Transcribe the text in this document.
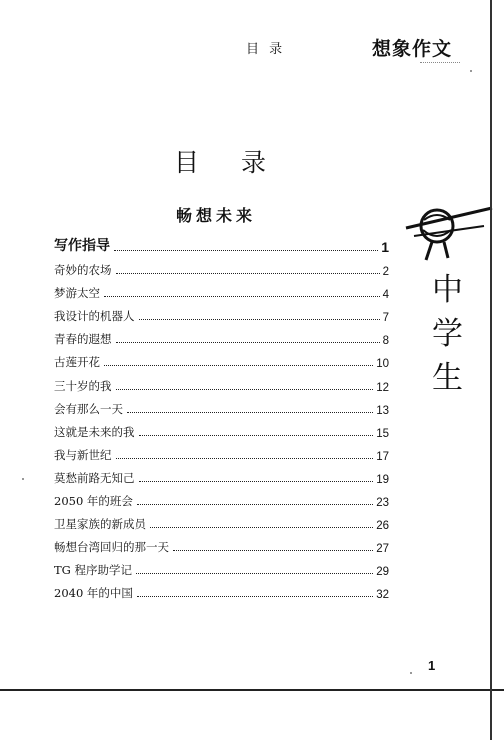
目 录	想象作文
目 录
畅想未来
写作指导	1
奇妙的农场	2
梦游太空	4
我设计的机器人	7
青春的遐想	8
古莲开花	10
三十岁的我	12
会有那么一天	13
这就是未来的我	15
我与新世纪	17
莫愁前路无知己	19
2050 年的班会	23
卫星家族的新成员	26
畅想台湾回归的那一天	27
TG 程序助学记	29
2040 年的中国	32
中
学
生
1
